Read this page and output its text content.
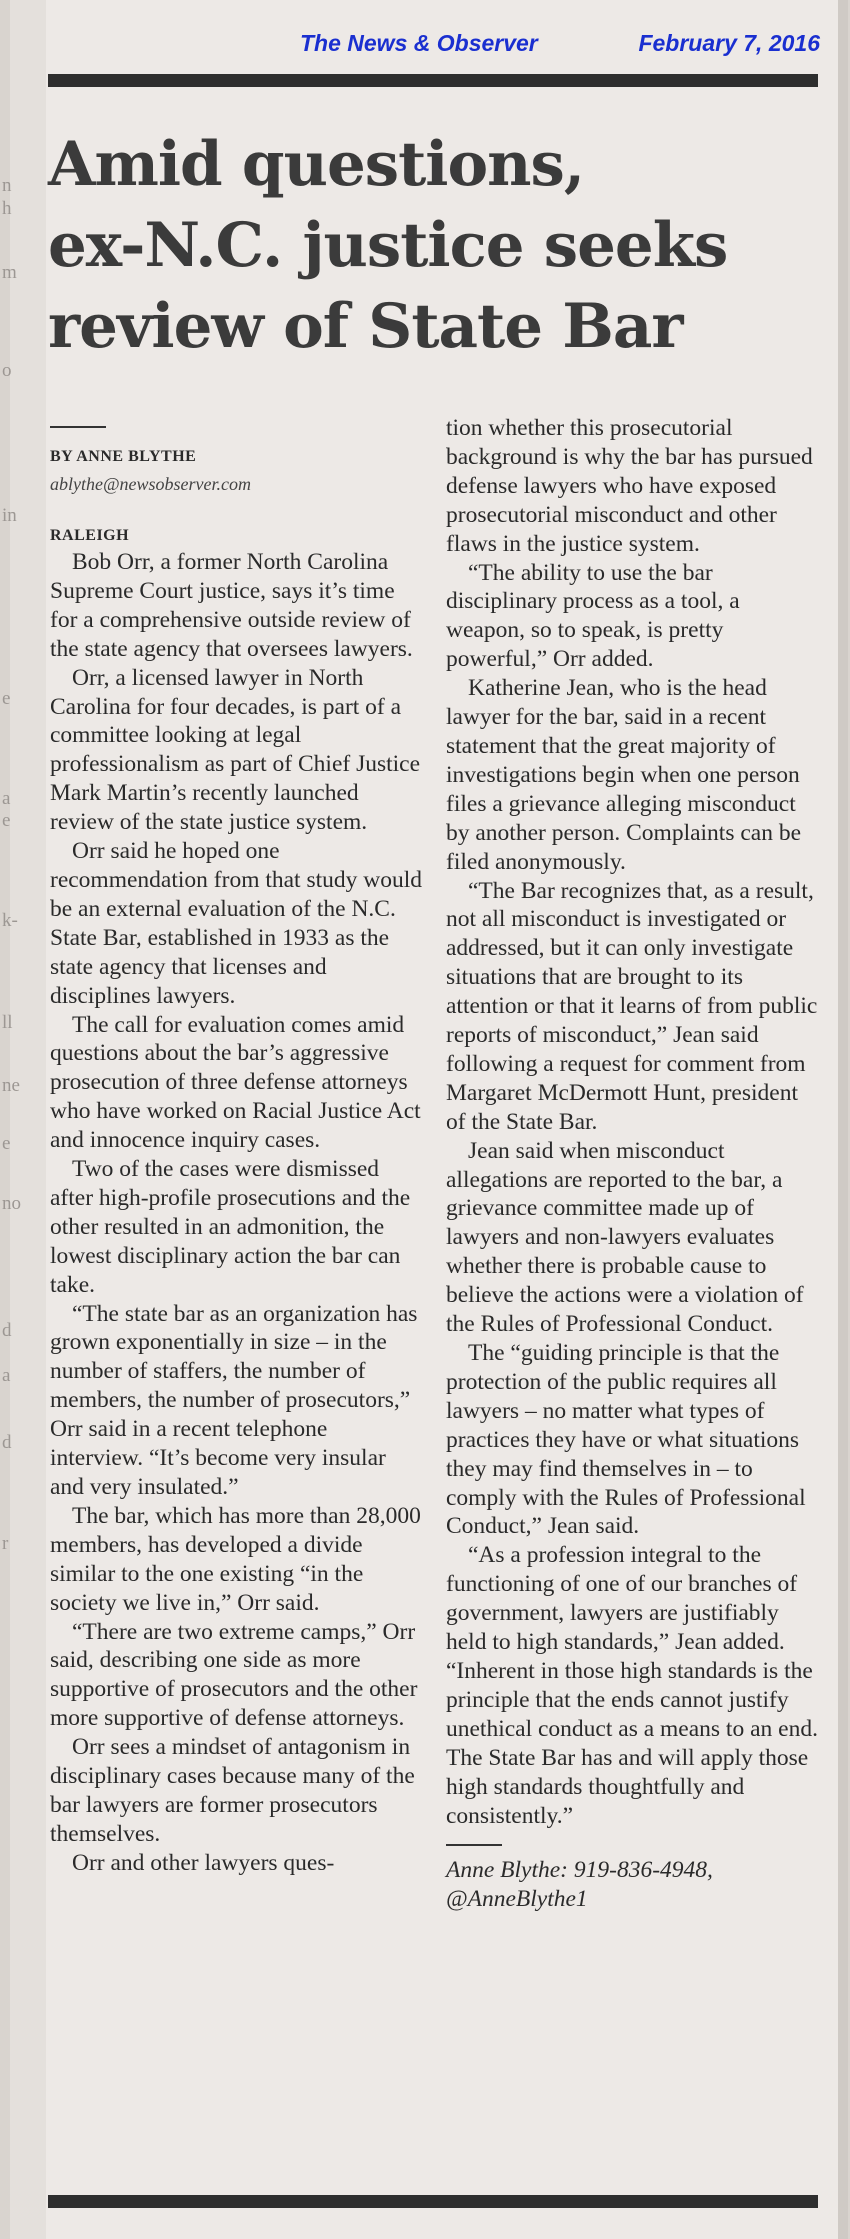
n
h
m
o
in
e
a
e
k-
ll
ne
e
no
d
a
d
r
The News & Observer	February 7, 2016
Amid questions,
ex-N.C. justice seeks
review of State Bar
BY ANNE BLYTHE
ablythe@newsobserver.com
RALEIGH

Bob Orr, a former North Carolina Supreme Court justice, says it’s time for a comprehensive outside review of the state agency that oversees lawyers.

Orr, a licensed lawyer in North Carolina for four decades, is part of a committee looking at legal professionalism as part of Chief Justice Mark Martin’s recently launched review of the state justice system.

Orr said he hoped one recommendation from that study would be an external evaluation of the N.C. State Bar, established in 1933 as the state agency that licenses and disciplines lawyers.

The call for evaluation comes amid questions about the bar’s aggressive prosecution of three defense attorneys who have worked on Racial Justice Act and innocence inquiry cases.

Two of the cases were dismissed after high-profile prosecutions and the other resulted in an admonition, the lowest disciplinary action the bar can take.

“The state bar as an organization has grown exponentially in size – in the number of staffers, the number of members, the number of prosecutors,” Orr said in a recent telephone interview. “It’s become very insular and very insulated.”

The bar, which has more than 28,000 members, has developed a divide similar to the one existing “in the society we live in,” Orr said.

“There are two extreme camps,” Orr said, describing one side as more supportive of prosecutors and the other more supportive of defense attorneys.

Orr sees a mindset of antagonism in disciplinary cases because many of the bar lawyers are former prosecutors themselves.

Orr and other lawyers ques-

tion whether this prosecutorial background is why the bar has pursued defense lawyers who have exposed prosecutorial misconduct and other flaws in the justice system.

“The ability to use the bar disciplinary process as a tool, a weapon, so to speak, is pretty powerful,” Orr added.

Katherine Jean, who is the head lawyer for the bar, said in a recent statement that the great majority of investigations begin when one person files a grievance alleging misconduct by another person. Complaints can be filed anonymously.

“The Bar recognizes that, as a result, not all misconduct is investigated or addressed, but it can only investigate situations that are brought to its attention or that it learns of from public reports of misconduct,” Jean said following a request for comment from Margaret McDermott Hunt, president of the State Bar.

Jean said when misconduct allegations are reported to the bar, a grievance committee made up of lawyers and non-lawyers evaluates whether there is probable cause to believe the actions were a violation of the Rules of Professional Conduct.

The “guiding principle is that the protection of the public requires all lawyers – no matter what types of practices they have or what situations they may find themselves in – to comply with the Rules of Professional Conduct,” Jean said.

“As a profession integral to the functioning of one of our branches of government, lawyers are justifiably held to high standards,” Jean added. “Inherent in those high standards is the principle that the ends cannot justify unethical conduct as a means to an end. The State Bar has and will apply those high standards thoughtfully and consistently.”

Anne Blythe: 919-836-4948, @AnneBlythe1
